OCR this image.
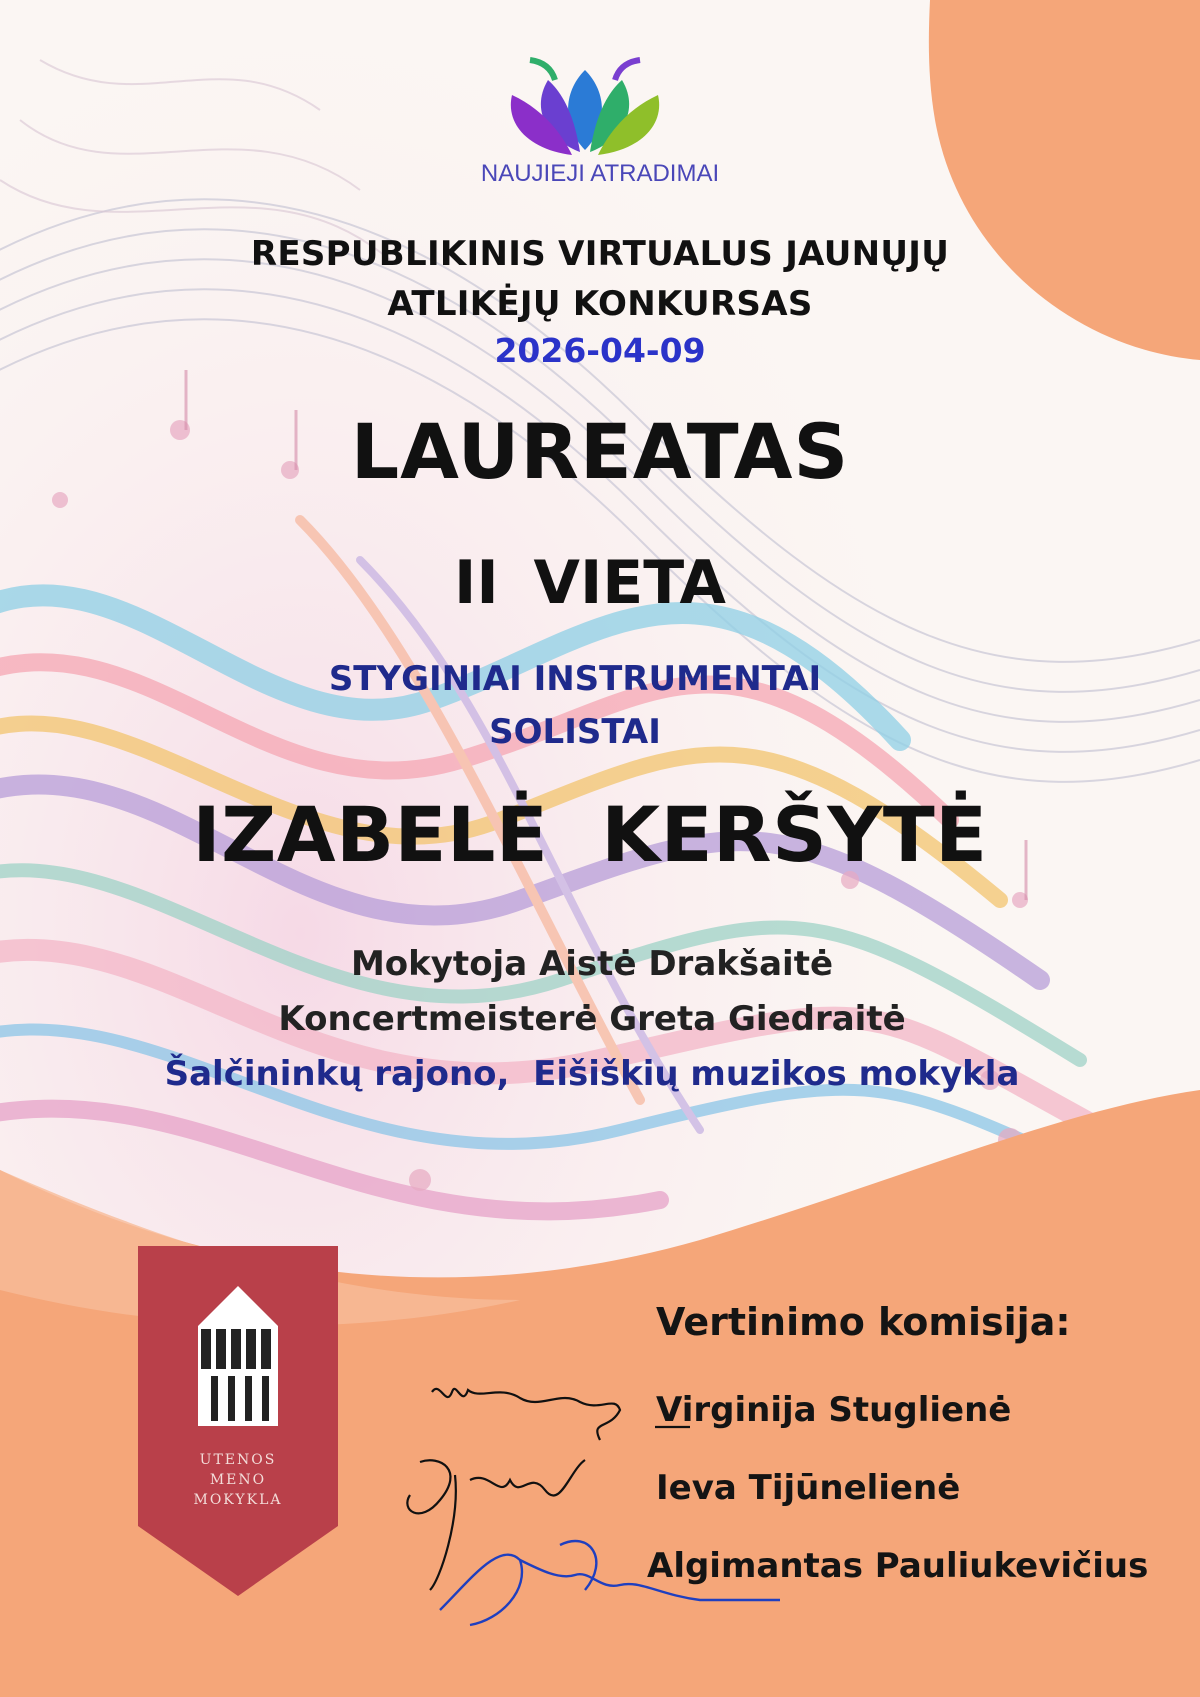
NAUJIEJI ATRADIMAI
RESPUBLIKINIS VIRTUALUS JAUNŲJŲ
ATLIKĖJŲ KONKURSAS
2026-04-09
LAUREATAS
II VIETA
STYGINIAI INSTRUMENTAI
SOLISTAI
IZABELĖ KERŠYTĖ
Mokytoja Aistė Drakšaitė
Koncertmeisterė Greta Giedraitė
Šalčininkų rajono,  Eišiškių muzikos mokykla
UTENOS
MENO
MOKYKLA
Vertinimo komisija:
Virginija Stuglienė
Ieva Tijūnelienė
Algimantas Pauliukevičius
